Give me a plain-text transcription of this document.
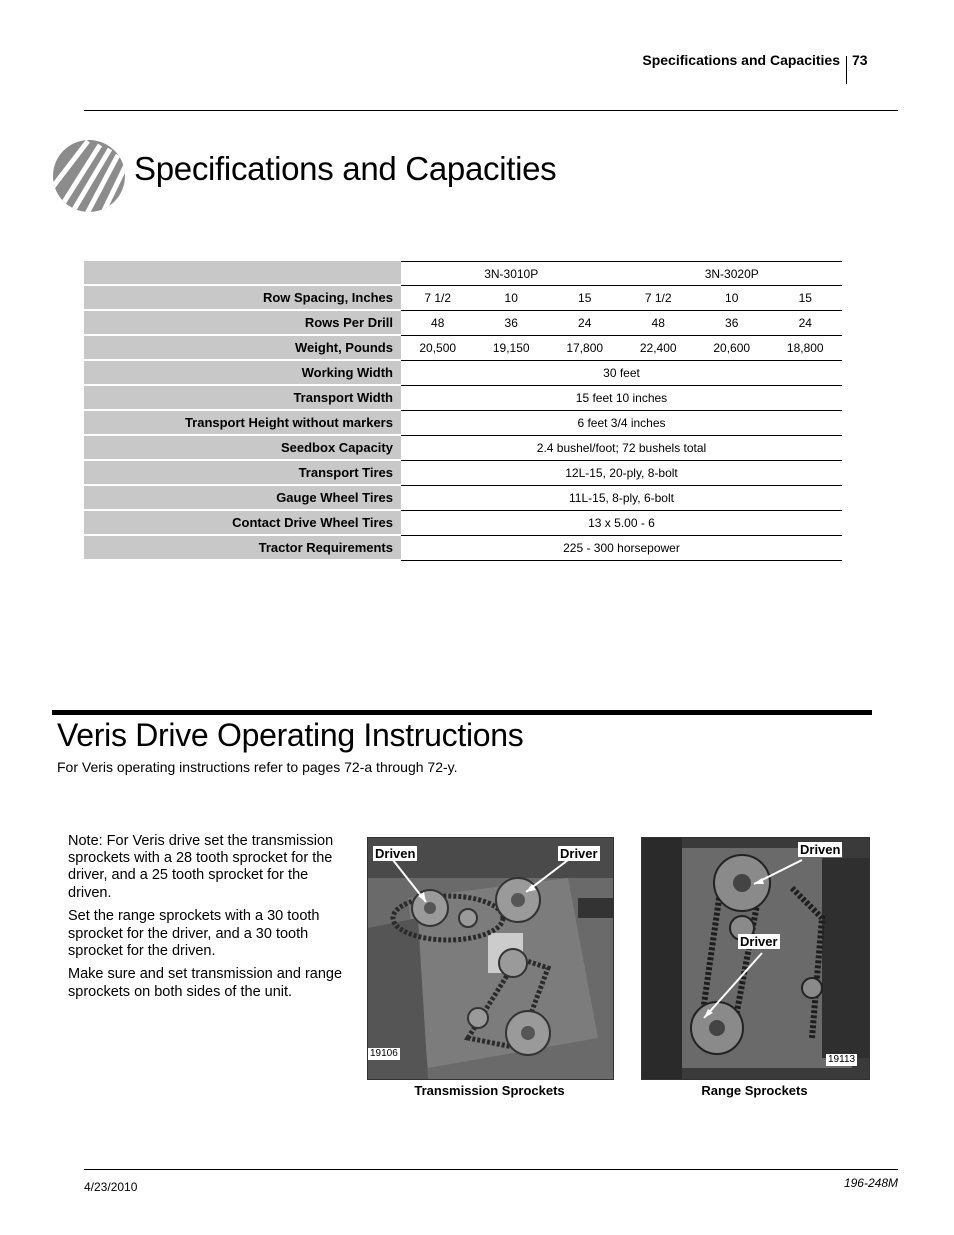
Specifications and Capacities 73
Specifications and Capacities
	3N-3010P			3N-3020P		
Row Spacing, Inches	7 1/2	10	15	7 1/2	10	15
Rows Per Drill	48	36	24	48	36	24
Weight, Pounds	20,500	19,150	17,800	22,400	20,600	18,800
Working Width	30 feet					
Transport Width	15 feet 10 inches					
Transport Height without markers	6 feet 3/4 inches					
Seedbox Capacity	2.4 bushel/foot; 72 bushels total					
Transport Tires	12L-15, 20-ply, 8-bolt					
Gauge Wheel Tires	11L-15, 8-ply, 6-bolt					
Contact Drive Wheel Tires	13 x 5.00 - 6					
Tractor Requirements	225 - 300 horsepower					
Veris Drive Operating Instructions
For Veris operating instructions refer to pages 72-a through 72-y.

Note: For Veris drive set the transmission sprockets with a 28 tooth sprocket for the driver, and a 25 tooth sprocket for the driven.

Set the range sprockets with a 30 tooth sprocket for the driver, and a 30 tooth sprocket for the driven.

Make sure and set transmission and range sprockets on both sides of the unit.

Driven	Driver
19106
Transmission Sprockets
Driven
Driver
19113
Range Sprockets
4/23/2010	196-248M
